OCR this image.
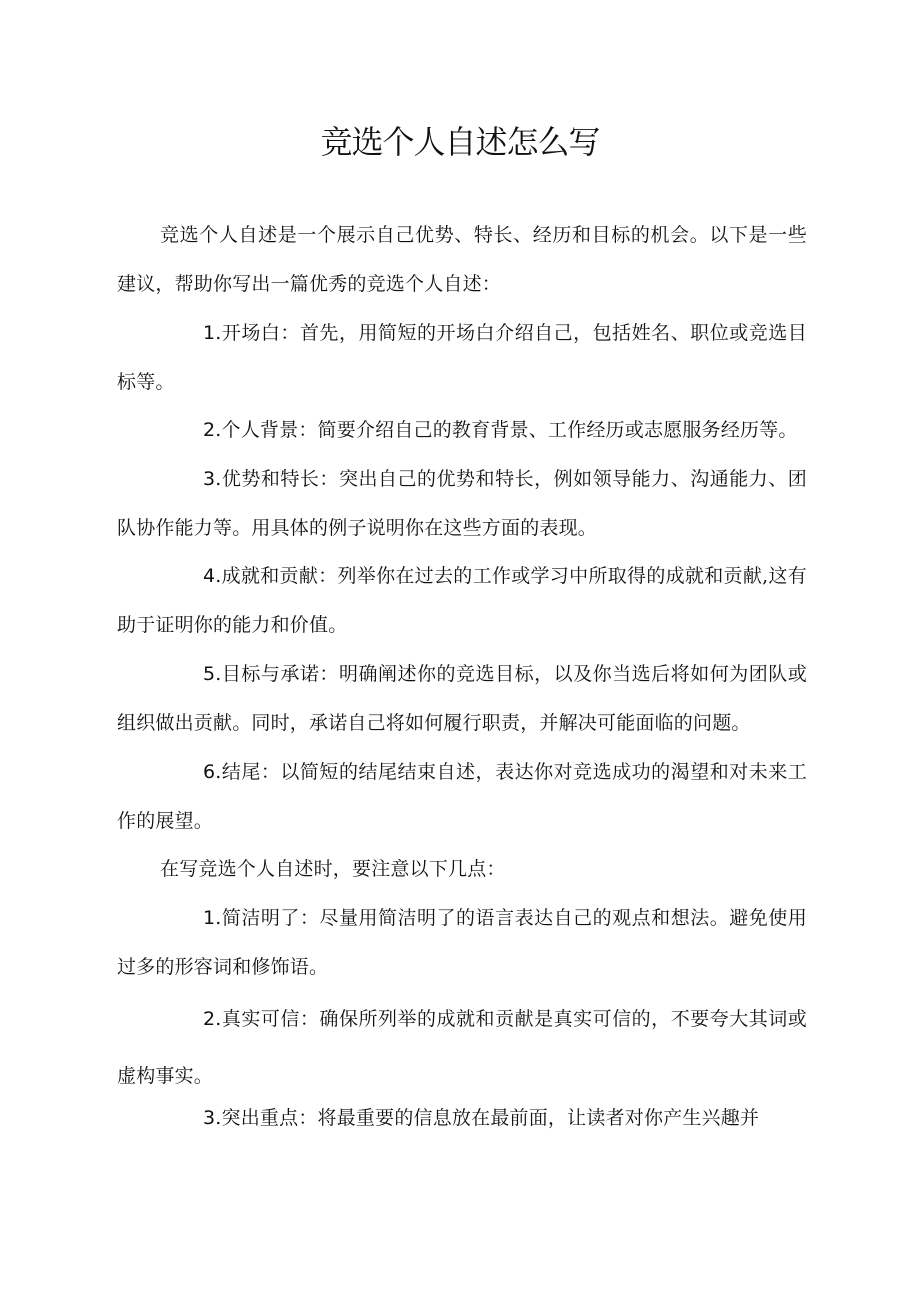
竞选个人自述怎么写

竞选个人自述是一个展示自己优势、特长、经历和目标的机会。以下是一些建议，帮助你写出一篇优秀的竞选个人自述：

1.开场白：首先，用简短的开场白介绍自己，包括姓名、职位或竞选目标等。

2.个人背景：简要介绍自己的教育背景、工作经历或志愿服务经历等。

3.优势和特长：突出自己的优势和特长，例如领导能力、沟通能力、团队协作能力等。用具体的例子说明你在这些方面的表现。

4.成就和贡献：列举你在过去的工作或学习中所取得的成就和贡献,这有助于证明你的能力和价值。

5.目标与承诺：明确阐述你的竞选目标，以及你当选后将如何为团队或组织做出贡献。同时，承诺自己将如何履行职责，并解决可能面临的问题。

6.结尾：以简短的结尾结束自述，表达你对竞选成功的渴望和对未来工作的展望。

在写竞选个人自述时，要注意以下几点：

1.简洁明了：尽量用简洁明了的语言表达自己的观点和想法。避免使用过多的形容词和修饰语。

2.真实可信：确保所列举的成就和贡献是真实可信的，不要夸大其词或虚构事实。

3.突出重点：将最重要的信息放在最前面，让读者对你产生兴趣并
